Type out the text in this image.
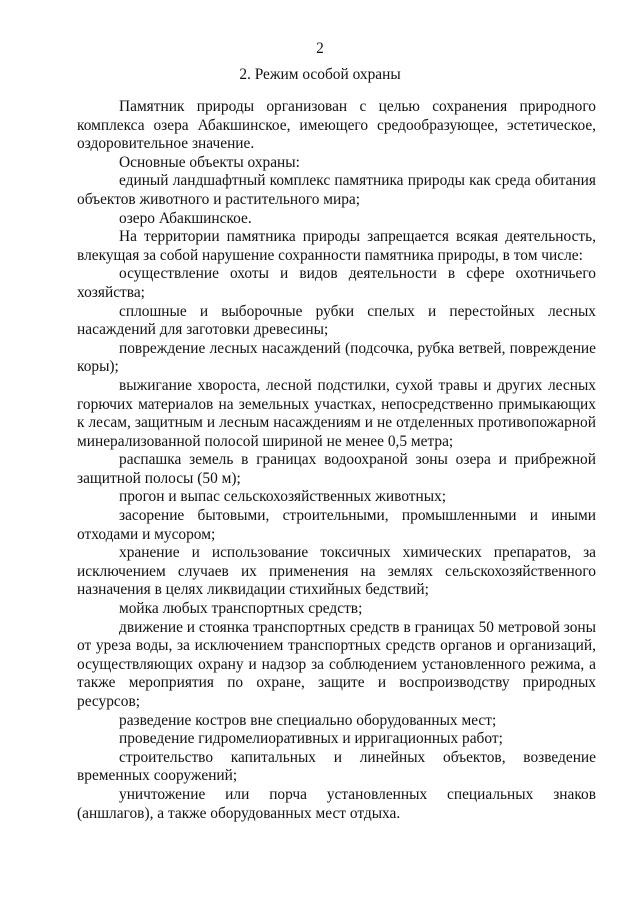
2
2. Режим особой охраны

Памятник природы организован с целью сохранения природного комплекса озера Абакшинское, имеющего средообразующее, эстетическое, оздоровительное значение.

Основные объекты охраны:

единый ландшафтный комплекс памятника природы как среда обитания объектов животного и растительного мира;

озеро Абакшинское.

На территории памятника природы запрещается всякая деятельность, влекущая за собой нарушение сохранности памятника природы, в том числе:

осуществление охоты и видов деятельности в сфере охотничьего хозяйства;

сплошные и выборочные рубки спелых и перестойных лесных насаждений для заготовки древесины;

повреждение лесных насаждений (подсочка, рубка ветвей, повреждение коры);

выжигание хвороста, лесной подстилки, сухой травы и других лесных горючих материалов на земельных участках, непосредственно примыкающих к лесам, защитным и лесным насаждениям и не отделенных противопожарной минерализованной полосой шириной не менее 0,5 метра;

распашка земель в границах водоохраной зоны озера и прибрежной защитной полосы (50 м);

прогон и выпас сельскохозяйственных животных;

засорение бытовыми, строительными, промышленными и иными отходами и мусором;

хранение и использование токсичных химических препаратов, за исключением случаев их применения на землях сельскохозяйственного назначения в целях ликвидации стихийных бедствий;

мойка любых транспортных средств;

движение и стоянка транспортных средств в границах 50 метровой зоны от уреза воды, за исключением транспортных средств органов и организаций, осуществляющих охрану и надзор за соблюдением установленного режима, а также мероприятия по охране, защите и воспроизводству природных ресурсов;

разведение костров вне специально оборудованных мест;

проведение гидромелиоративных и ирригационных работ;

строительство капитальных и линейных объектов, возведение временных сооружений;

уничтожение или порча установленных специальных знаков (аншлагов), а также оборудованных мест отдыха.
